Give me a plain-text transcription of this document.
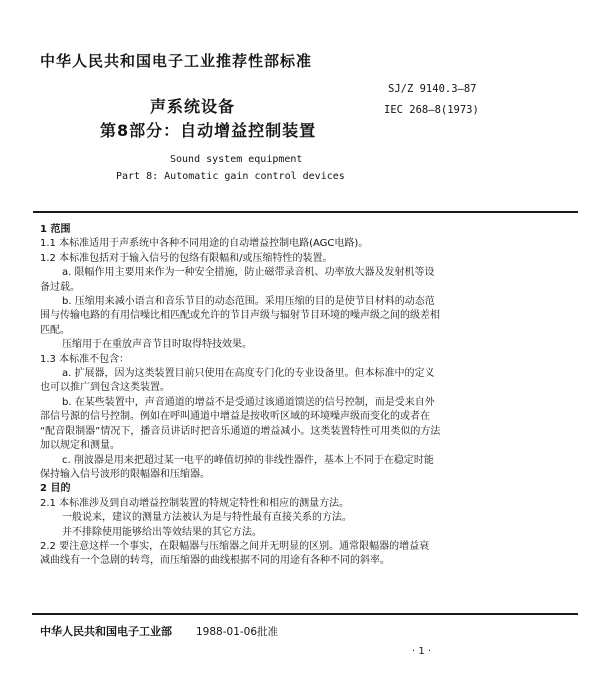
中华人民共和国电子工业推荐性部标准
SJ/Z 9140.3—87
IEC 268—8(1973)
声系统设备
第8部分：自动增益控制装置
Sound system equipment
Part 8: Automatic gain control devices

1 范围

1.1 本标准适用于声系统中各种不同用途的自动增益控制电路(AGC电路)。

1.2 本标准包括对于输入信号的包络有限幅和/或压缩特性的装置。

a. 限幅作用主要用来作为一种安全措施，防止磁带录音机、功率放大器及发射机等设

备过载。

b. 压缩用来减小语言和音乐节目的动态范围。采用压缩的目的是使节目材料的动态范

围与传输电路的有用信噪比相匹配或允许的节目声级与辐射节目环境的噪声级之间的级差相

匹配。

压缩用于在重放声音节目时取得特技效果。

1.3 本标准不包含：

a. 扩展器，因为这类装置目前只使用在高度专门化的专业设备里。但本标准中的定义

也可以推广到包含这类装置。

b. 在某些装置中，声音通道的增益不是受通过该通道馈送的信号控制，而是受来自外

部信号源的信号控制。例如在呼叫通道中增益是按收听区域的环境噪声级而变化的或者在

“配音限制器”情况下，播音员讲话时把音乐通道的增益减小。这类装置特性可用类似的方法

加以规定和测量。

c. 削波器是用来把超过某一电平的峰值切掉的非线性器件，基本上不同于在稳定时能

保持输入信号波形的限幅器和压缩器。

2 目的

2.1 本标准涉及到自动增益控制装置的特规定特性和相应的测量方法。

一般说来，建议的测量方法被认为是与特性最有直接关系的方法。

并不排除使用能够给出等效结果的其它方法。

2.2 要注意这样一个事实，在限幅器与压缩器之间并无明显的区别。通常限幅器的增益衰

减曲线有一个急剧的转弯，而压缩器的曲线根据不同的用途有各种不同的斜率。

中华人民共和国电子工业部 1988-01-06批准
· 1 ·
